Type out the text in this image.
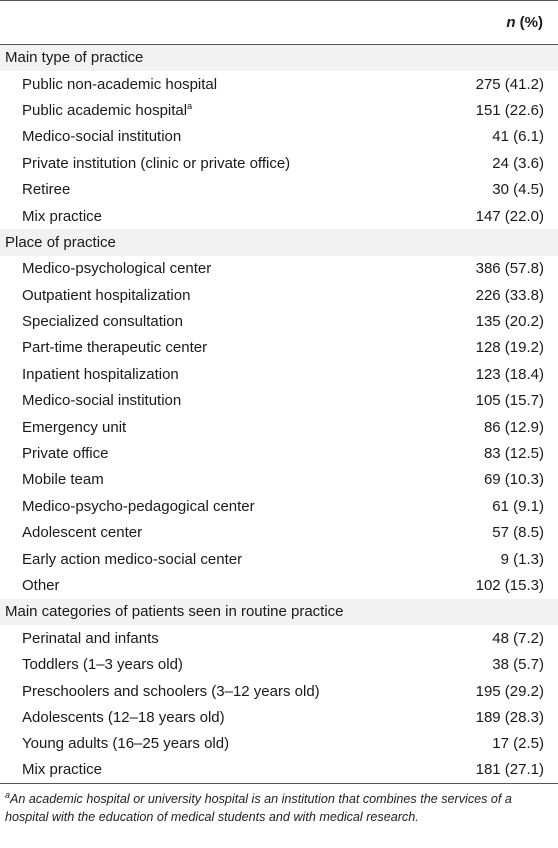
	n (%)
Main type of practice	
Public non-academic hospital	275 (41.2)
Public academic hospital$^a$	151 (22.6)
Medico-social institution	41 (6.1)
Private institution (clinic or private office)	24 (3.6)
Retiree	30 (4.5)
Mix practice	147 (22.0)
Place of practice	
Medico-psychological center	386 (57.8)
Outpatient hospitalization	226 (33.8)
Specialized consultation	135 (20.2)
Part-time therapeutic center	128 (19.2)
Inpatient hospitalization	123 (18.4)
Medico-social institution	105 (15.7)
Emergency unit	86 (12.9)
Private office	83 (12.5)
Mobile team	69 (10.3)
Medico-psycho-pedagogical center	61 (9.1)
Adolescent center	57 (8.5)
Early action medico-social center	9 (1.3)
Other	102 (15.3)
Main categories of patients seen in routine practice	
Perinatal and infants	48 (7.2)
Toddlers (1–3 years old)	38 (5.7)
Preschoolers and schoolers (3–12 years old)	195 (29.2)
Adolescents (12–18 years old)	189 (28.3)
Young adults (16–25 years old)	17 (2.5)
Mix practice	181 (27.1)
$^a$An academic hospital or university hospital is an institution that combines the services of a hospital with the education of medical students and with medical research.
